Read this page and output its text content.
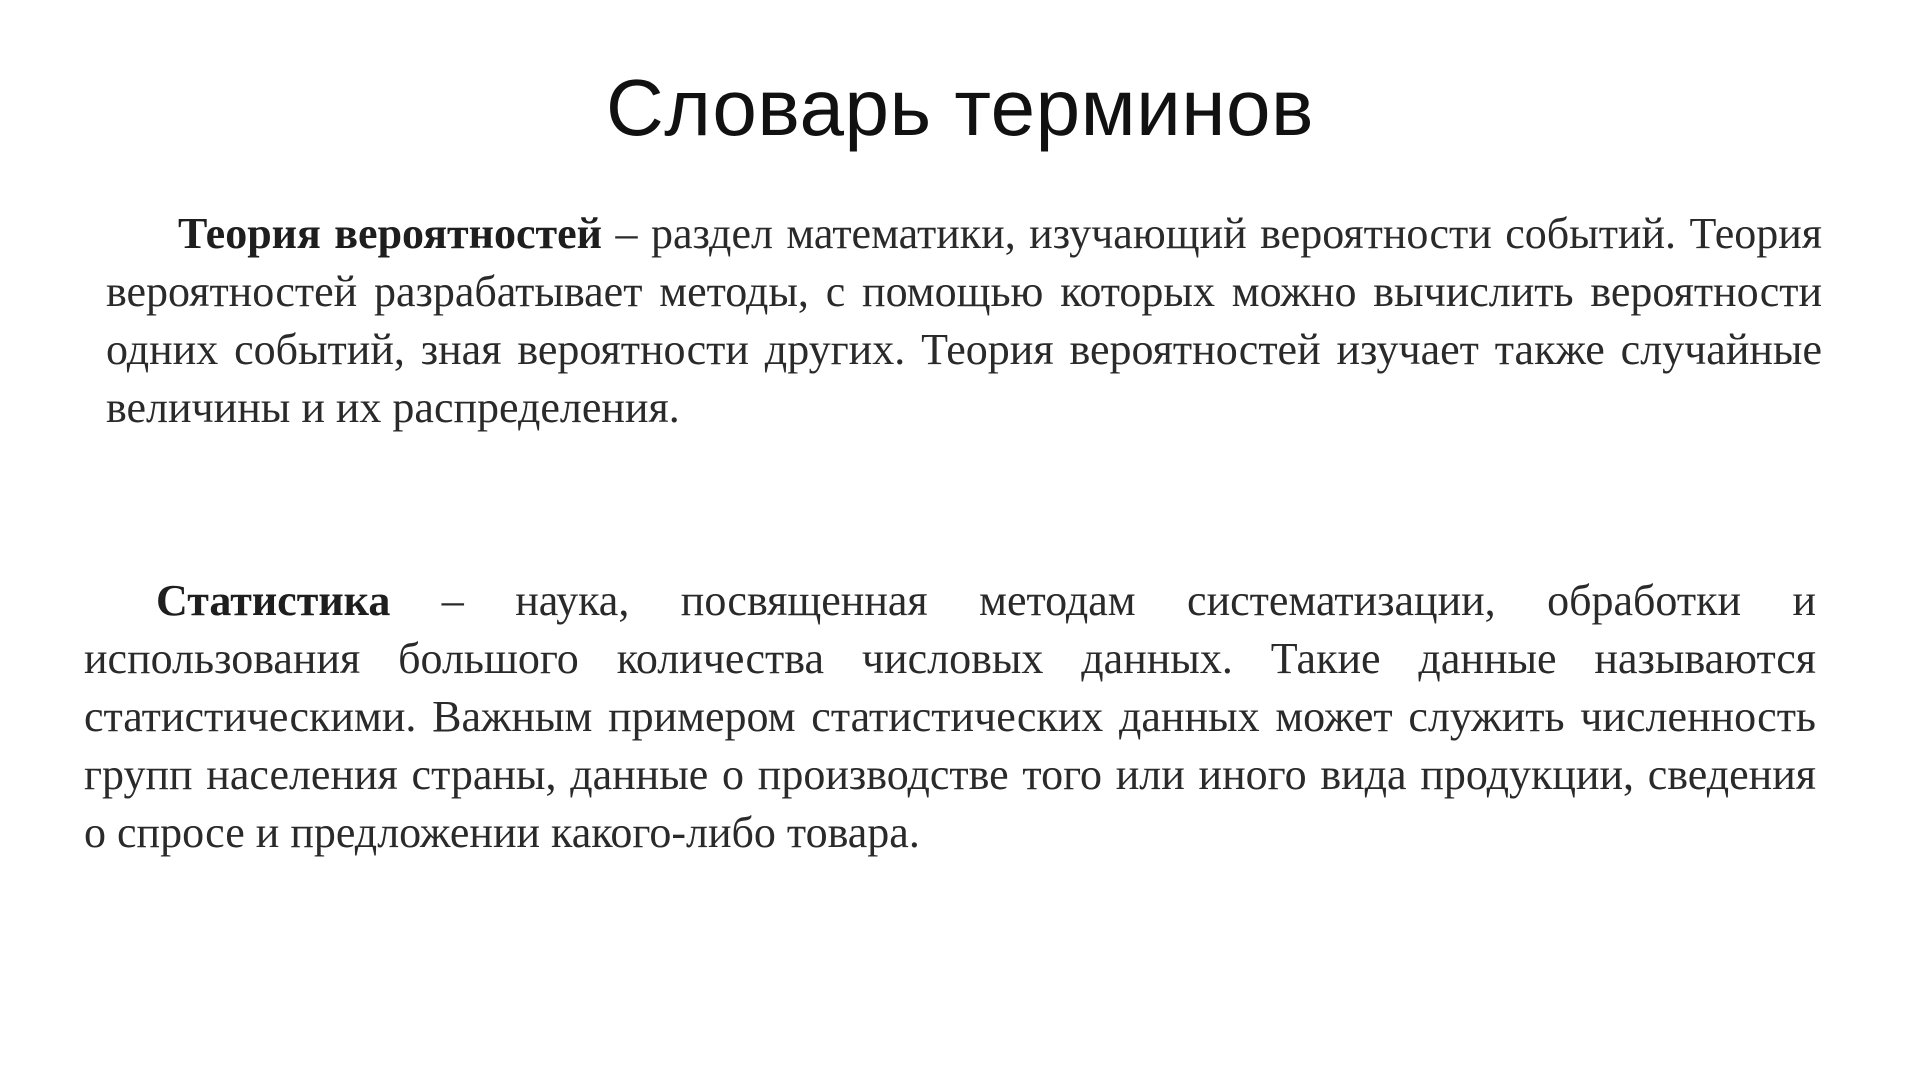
Словарь терминов

Теория вероятностей – раздел математики, изучающий вероятности событий. Теория вероятностей разрабатывает методы, с помощью которых можно вычислить вероятности одних событий, зная вероятности других. Теория вероятностей изучает также случайные величины и их распределения.

Статистика – наука, посвященная методам систематизации, обработки и использования большого количества числовых данных. Такие данные называются статистическими. Важным примером статистических данных может служить численность групп населения страны, данные о производстве того или иного вида продукции, сведения о спросе и предложении какого-либо товара.
